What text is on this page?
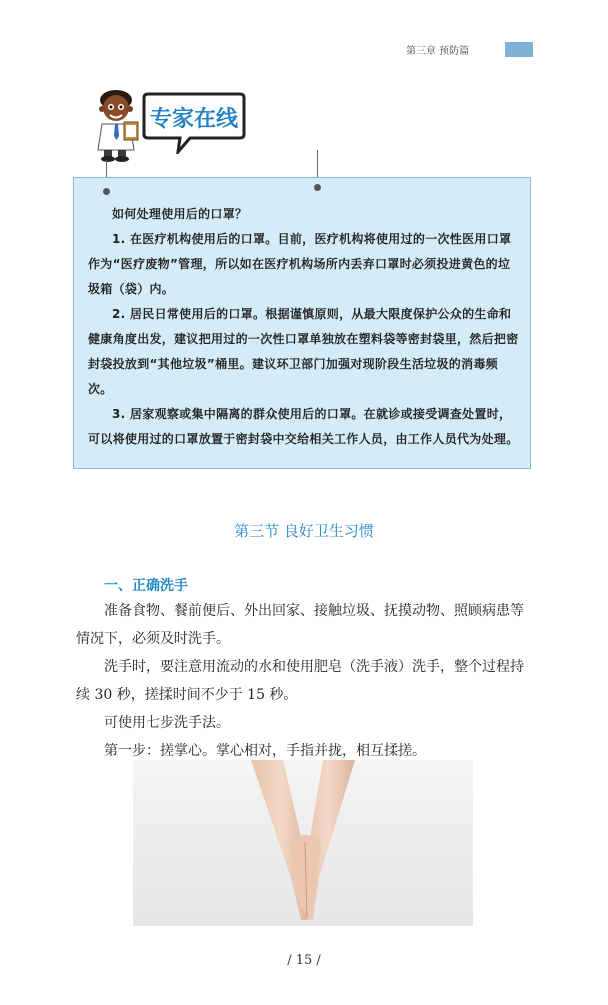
第三章 预防篇
专家在线

如何处理使用后的口罩？

1. 在医疗机构使用后的口罩。目前，医疗机构将使用过的一次性医用口罩作为“医疗废物”管理，所以如在医疗机构场所内丢弃口罩时必须投进黄色的垃圾箱（袋）内。

2. 居民日常使用后的口罩。根据谨慎原则，从最大限度保护公众的生命和健康角度出发，建议把用过的一次性口罩单独放在塑料袋等密封袋里，然后把密封袋投放到“其他垃圾”桶里。建议环卫部门加强对现阶段生活垃圾的消毒频次。

3. 居家观察或集中隔离的群众使用后的口罩。在就诊或接受调查处置时，可以将使用过的口罩放置于密封袋中交给相关工作人员，由工作人员代为处理。

第三节 良好卫生习惯
一、正确洗手

准备食物、餐前便后、外出回家、接触垃圾、抚摸动物、照顾病患等情况下，必须及时洗手。

洗手时，要注意用流动的水和使用肥皂（洗手液）洗手，整个过程持续 30 秒，搓揉时间不少于 15 秒。

可使用七步洗手法。

第一步：搓掌心。掌心相对，手指并拢，相互揉搓。

/ 15 /
